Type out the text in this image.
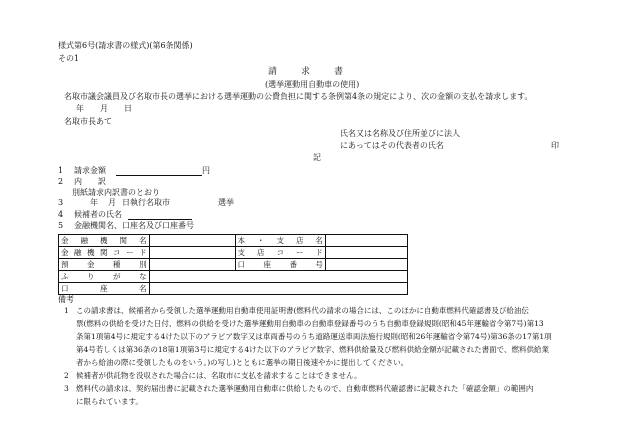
様式第6号(請求書の様式)(第6条関係)
その1
請　　求　　書
(選挙運動用自動車の使用)
名取市議会議員及び名取市長の選挙における選挙運動の公費負担に関する条例第4条の規定により、次の金額の支払を請求します。
年　月　日
名取市長あて
氏名又は名称及び住所並びに法人
にあってはその代表者の氏名	印
記
1 請求金額	円
2 内　訳
別紙請求内訳書のとおり
3	年 月 日執行名取市	選挙
4 候補者の氏名
5 金融機関名、口座名及び口座番号
金融機関名		本・支店名	
金融機関コード		支店コード	
預金種別		口座番号	
ふりがな			
口座名			
備考
1 この請求書は、候補者から受領した選挙運動用自動車使用証明書(燃料代の請求の場合には、このほかに自動車燃料代確認書及び給油伝
票(燃料の供給を受けた日付、燃料の供給を受けた選挙運動用自動車の自動車登録番号のうち自動車登録規則(昭和45年運輸省令第7号)第13
条第1項第4号に規定する4けた以下のアラビア数字又は車両番号のうち道路運送車両法施行規則(昭和26年運輸省令第74号)第36条の17第1項
第4号若しくは第36条の18第1項第3号に規定する4けた以下のアラビア数字、燃料供給量及び燃料供給金額が記載された書面で、燃料供給業
者から給油の際に受領したものをいう。)の写し)とともに選挙の期日後速やかに提出してください。
2 候補者が供託物を没収された場合には、名取市に支払を請求することはできません。
3 燃料代の請求は、契約届出書に記載された選挙運動用自動車に供給したもので、自動車燃料代確認書に記載された「確認金額」の範囲内
に限られています。
